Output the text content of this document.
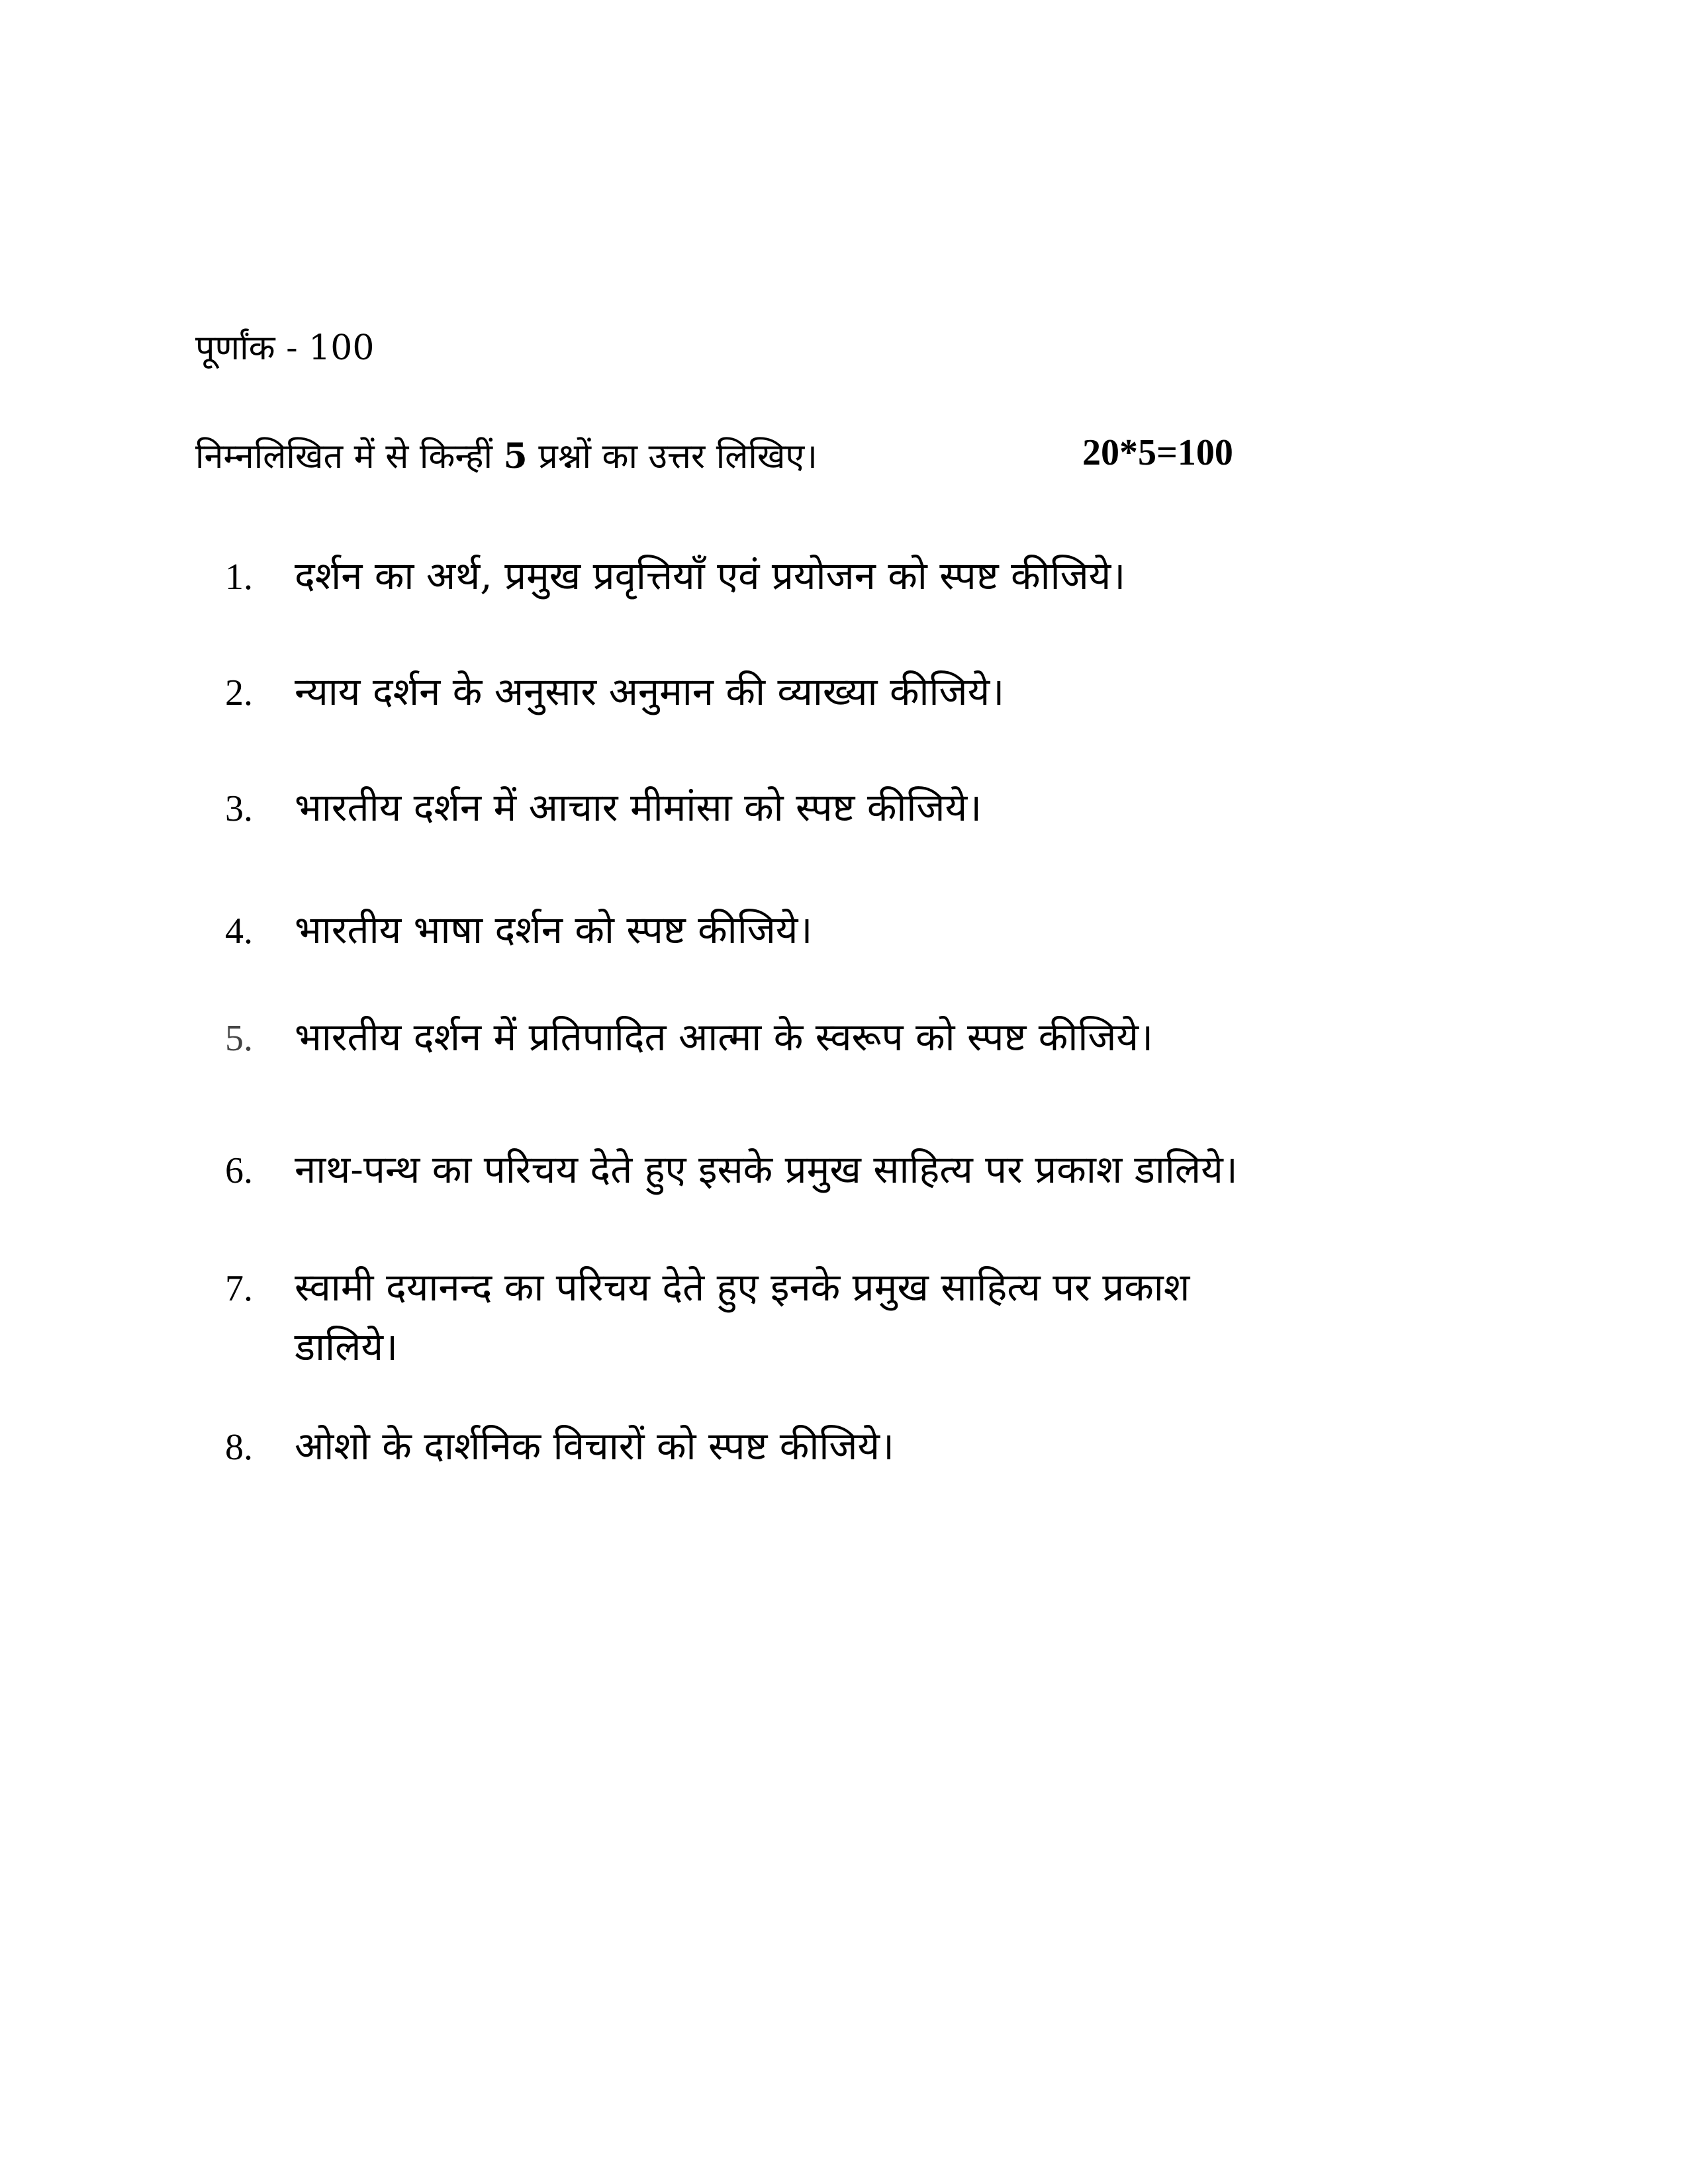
पूर्णांक - 100
निम्नलिखित में से किन्हीं 5 प्रश्नों का उत्तर लिखिए।	20*5=100
1. दर्शन का अर्थ, प्रमुख प्रवृत्तियाँ एवं प्रयोजन को स्पष्ट कीजिये।
2. न्याय दर्शन के अनुसार अनुमान की व्याख्या कीजिये।
3. भारतीय दर्शन में आचार मीमांसा को स्पष्ट कीजिये।
4. भारतीय भाषा दर्शन को स्पष्ट कीजिये।
5. भारतीय दर्शन में प्रतिपादित आत्मा के स्वरूप को स्पष्ट कीजिये।
6. नाथ-पन्थ का परिचय देते हुए इसके प्रमुख साहित्य पर प्रकाश डालिये।
7. स्वामी दयानन्द का परिचय देते हुए इनके प्रमुख साहित्य पर प्रकाश
डालिये।
8. ओशो के दार्शनिक विचारों को स्पष्ट कीजिये।
